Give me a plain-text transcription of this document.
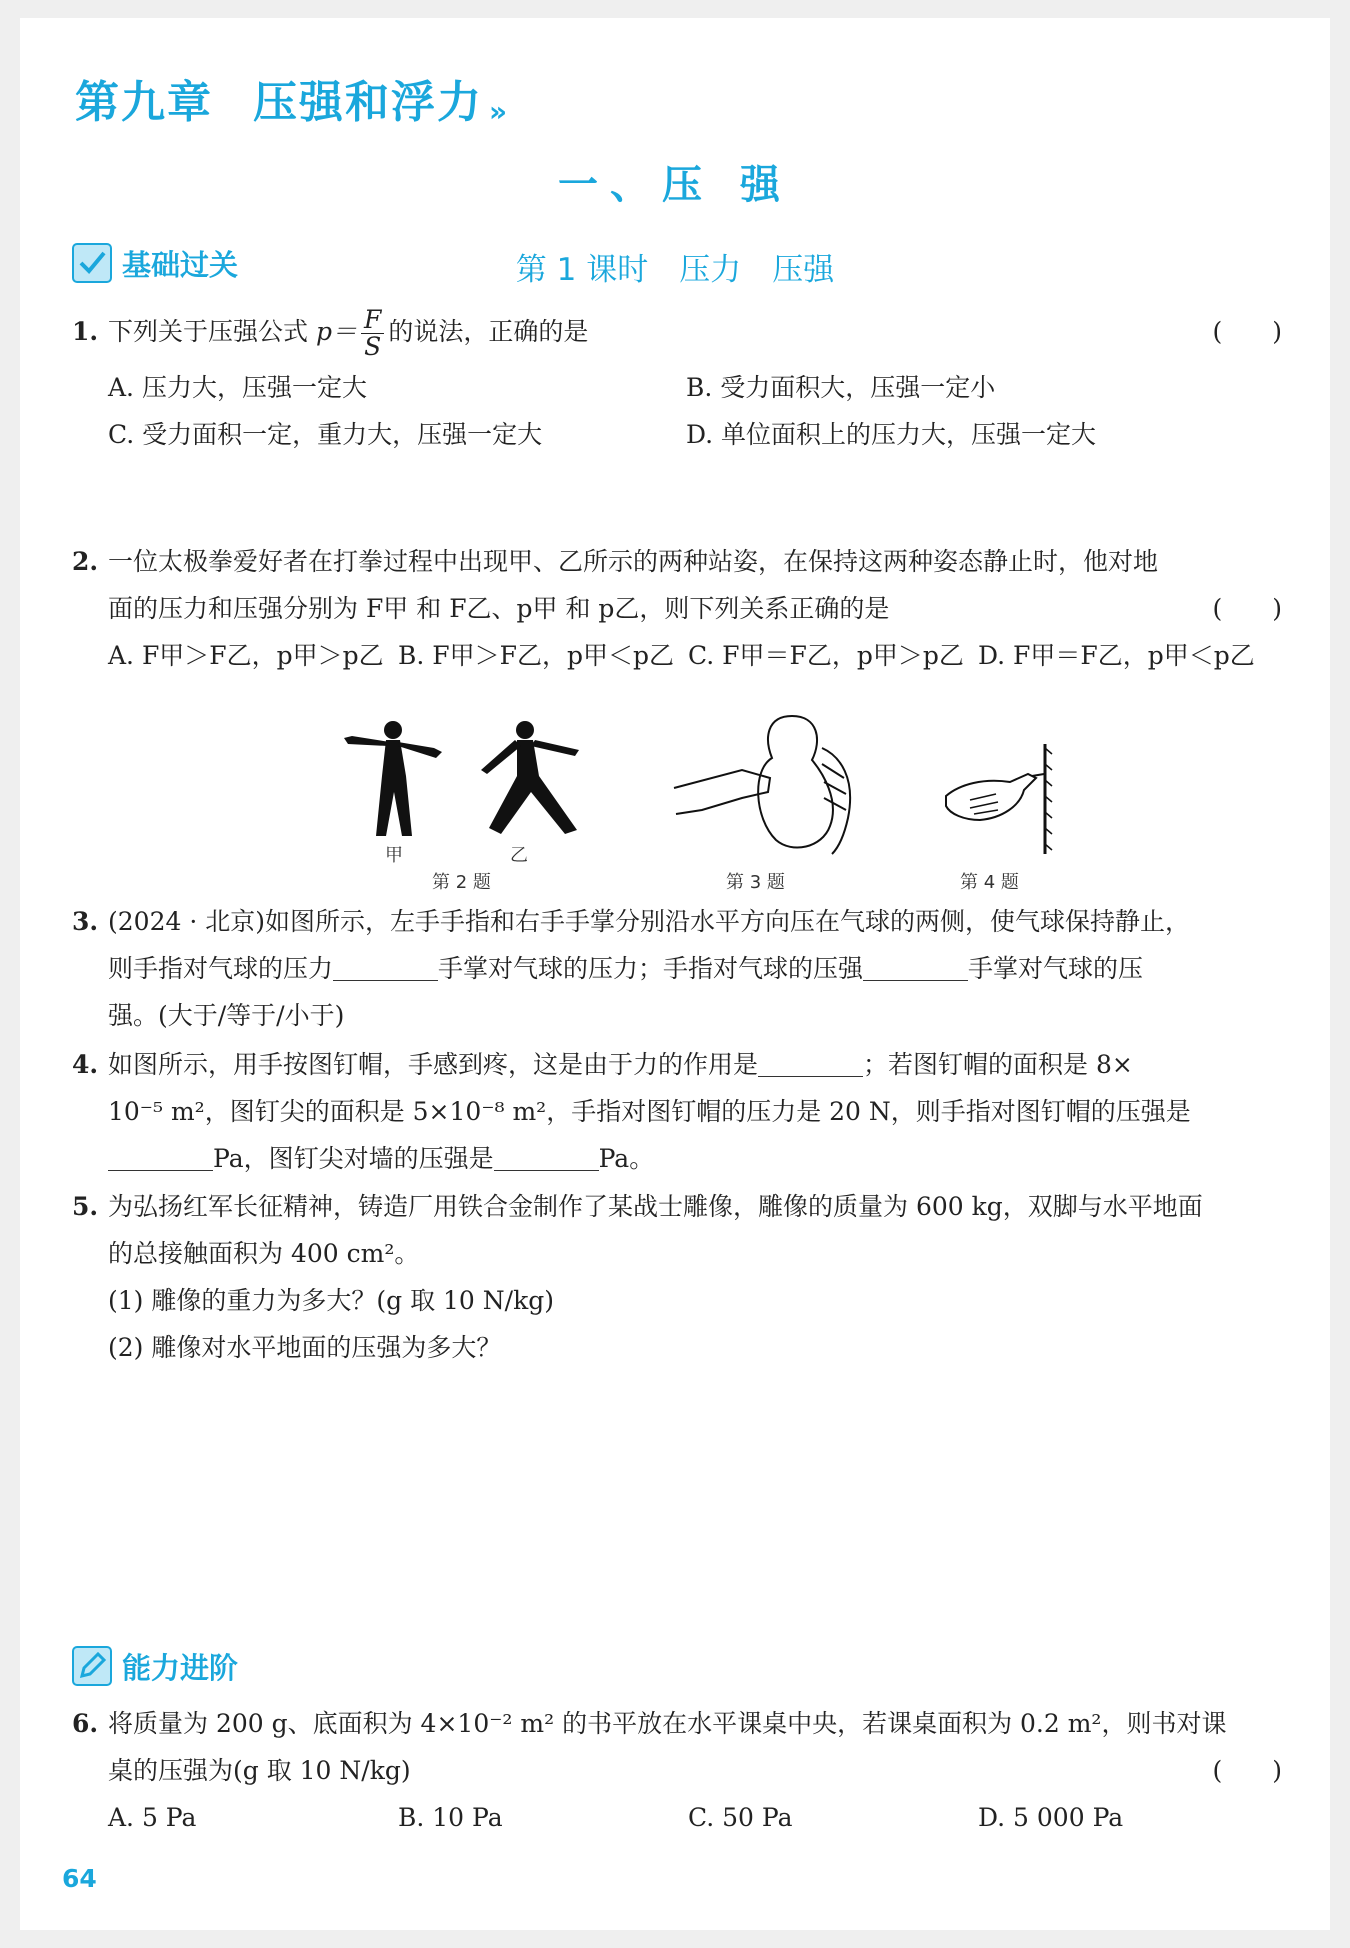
第九章 压强和浮力 »
一、压 强
第 1 课时　压力　压强
基础过关
1. 下列关于压强公式 $p= \frac{F}{S}$ 的说法，正确的是	(　　)
A. 压力大，压强一定大	B. 受力面积大，压强一定小
C. 受力面积一定，重力大，压强一定大	D. 单位面积上的压力大，压强一定大
2. 一位太极拳爱好者在打拳过程中出现甲、乙所示的两种站姿，在保持这两种姿态静止时，他对地
面的压力和压强分别为 F甲 和 F乙、p甲 和 p乙，则下列关系正确的是	(　　)
A. F甲＞F乙，p甲＞p乙 B. F甲＞F乙，p甲＜p乙 C. F甲＝F乙，p甲＞p乙 D. F甲＝F乙，p甲＜p乙
甲	乙
第 2 题	第 3 题	第 4 题
3. (2024 · 北京)如图所示，左手手指和右手手掌分别沿水平方向压在气球的两侧，使气球保持静止，
则手指对气球的压力	手掌对气球的压力；手指对气球的压强	手掌对气球的压
强。(大于/等于/小于)
4. 如图所示，用手按图钉帽，手感到疼，这是由于力的作用是	；若图钉帽的面积是 8×
10⁻⁵ m²，图钉尖的面积是 5×10⁻⁸ m²，手指对图钉帽的压力是 20 N，则手指对图钉帽的压强是
Pa，图钉尖对墙的压强是	Pa。
5. 为弘扬红军长征精神，铸造厂用铁合金制作了某战士雕像，雕像的质量为 600 kg，双脚与水平地面
的总接触面积为 400 cm²。
(1) 雕像的重力为多大？(g 取 10 N/kg)
(2) 雕像对水平地面的压强为多大？
能力进阶
6. 将质量为 200 g、底面积为 4×10⁻² m² 的书平放在水平课桌中央，若课桌面积为 0.2 m²，则书对课
桌的压强为(g 取 10 N/kg)	(　　)
A. 5 Pa	B. 10 Pa	C. 50 Pa	D. 5 000 Pa
64
